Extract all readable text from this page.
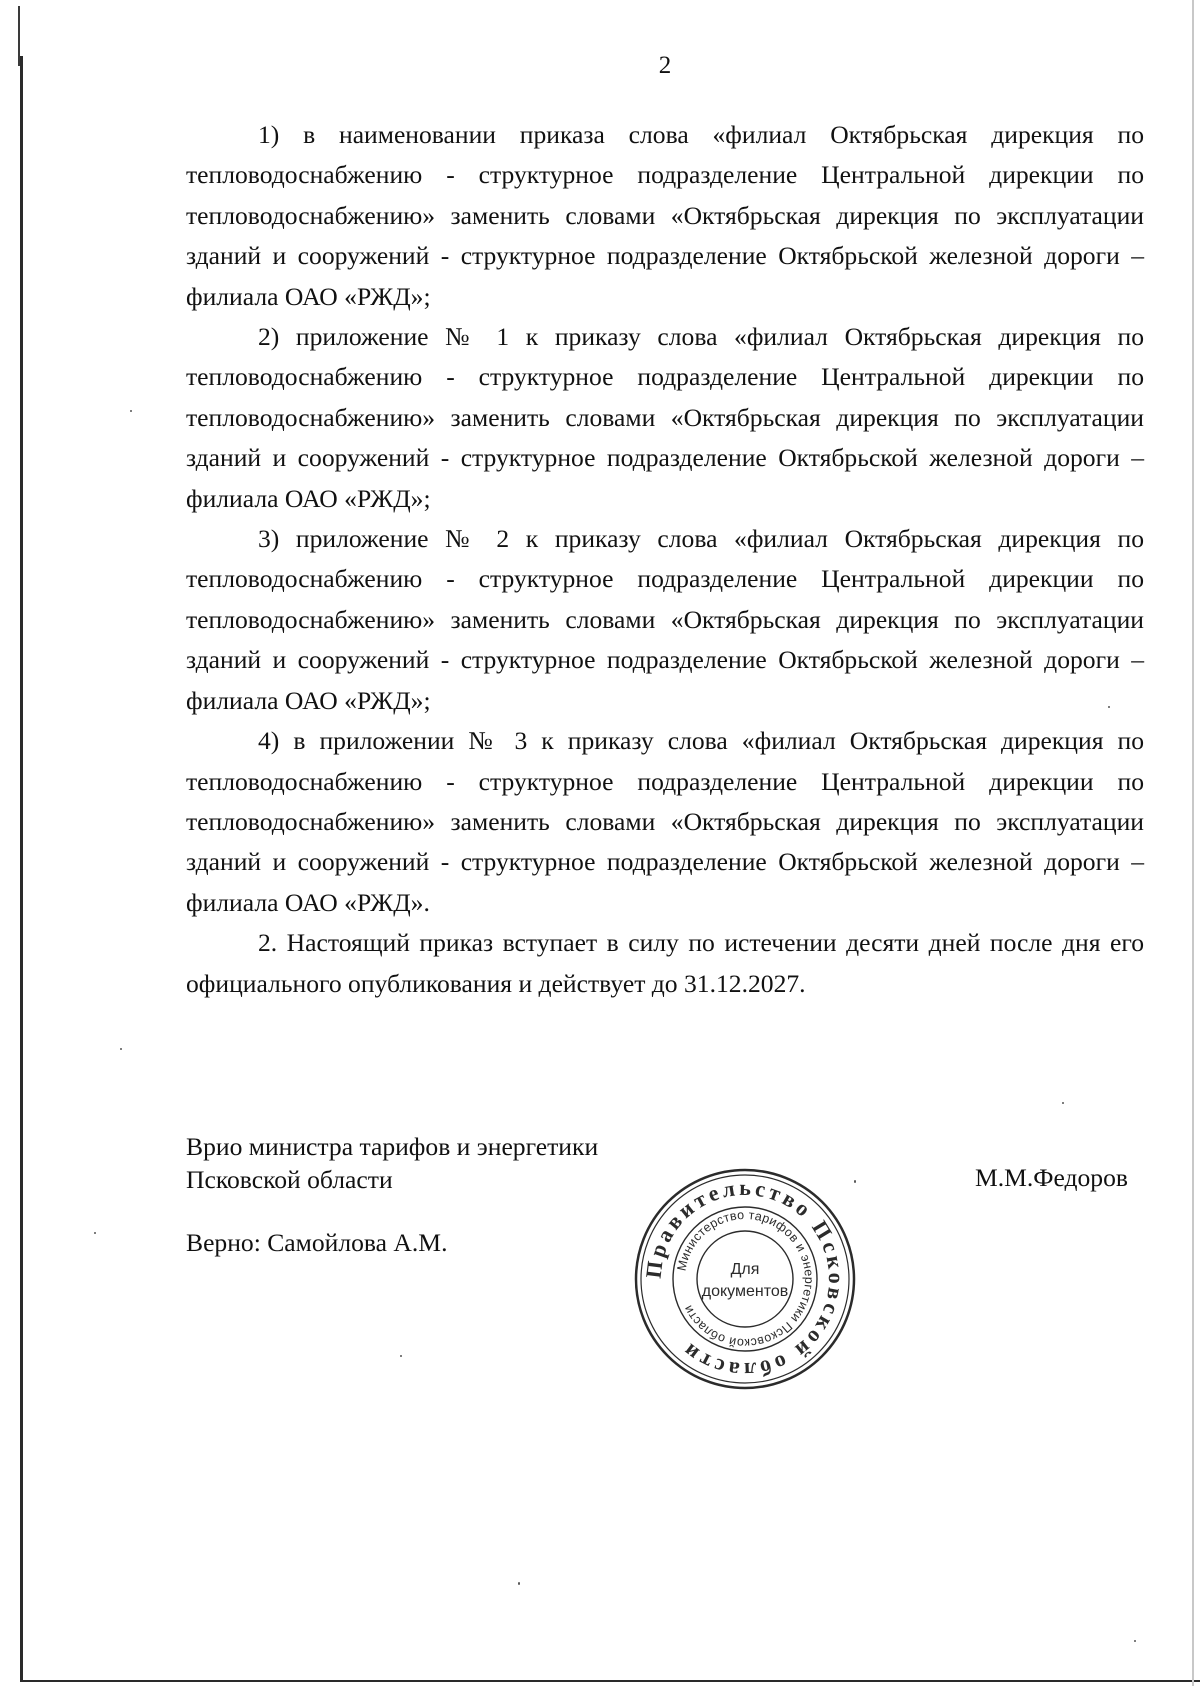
2

1) в наименовании приказа слова «филиал Октябрьская дирекция по тепловодоснабжению - структурное подразделение Центральной дирекции по тепловодоснабжению» заменить словами «Октябрьская дирекция по эксплуатации зданий и сооружений - структурное подразделение Октябрьской железной дороги – филиала ОАО «РЖД»;

2) приложение № 1 к приказу слова «филиал Октябрьская дирекция по тепловодоснабжению - структурное подразделение Центральной дирекции по тепловодоснабжению» заменить словами «Октябрьская дирекция по эксплуатации зданий и сооружений - структурное подразделение Октябрьской железной дороги – филиала ОАО «РЖД»;

3) приложение № 2 к приказу слова «филиал Октябрьская дирекция по тепловодоснабжению - структурное подразделение Центральной дирекции по тепловодоснабжению» заменить словами «Октябрьская дирекция по эксплуатации зданий и сооружений - структурное подразделение Октябрьской железной дороги – филиала ОАО «РЖД»;

4) в приложении № 3 к приказу слова «филиал Октябрьская дирекция по тепловодоснабжению - структурное подразделение Центральной дирекции по тепловодоснабжению» заменить словами «Октябрьская дирекция по эксплуатации зданий и сооружений - структурное подразделение Октябрьской железной дороги – филиала ОАО «РЖД».

2. Настоящий приказ вступает в силу по истечении десяти дней после дня его официального опубликования и действует до 31.12.2027.

Врио министра тарифов и энергетики
Псковской области
Верно: Самойлова А.М.
М.М.Федоров
Правительство Псковской области
Министерство тарифов и энергетики Псковской области
Для
документов
